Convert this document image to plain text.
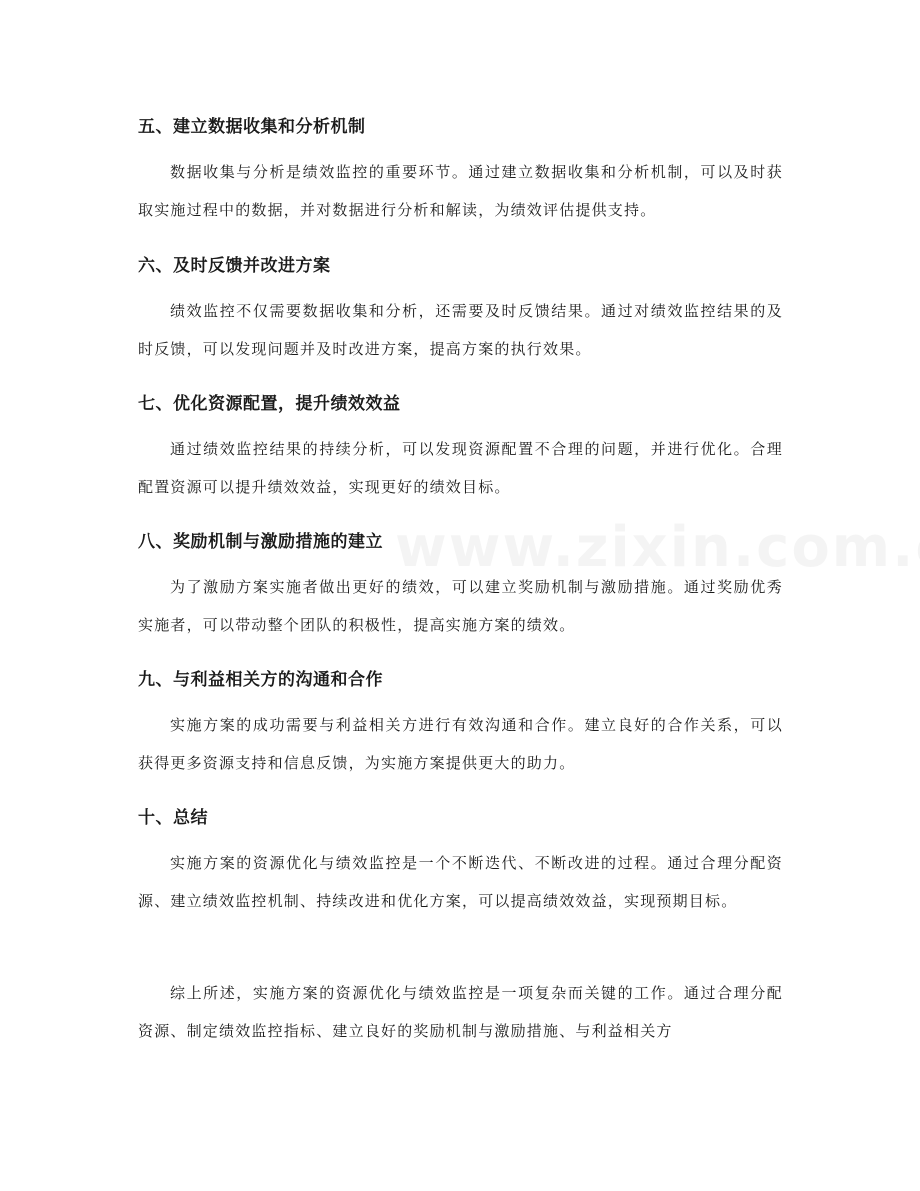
五、建立数据收集和分析机制

数据收集与分析是绩效监控的重要环节。通过建立数据收集和分析机制，可以及时获取实施过程中的数据，并对数据进行分析和解读，为绩效评估提供支持。

六、及时反馈并改进方案

绩效监控不仅需要数据收集和分析，还需要及时反馈结果。通过对绩效监控结果的及时反馈，可以发现问题并及时改进方案，提高方案的执行效果。

七、优化资源配置，提升绩效效益

通过绩效监控结果的持续分析，可以发现资源配置不合理的问题，并进行优化。合理配置资源可以提升绩效效益，实现更好的绩效目标。

八、奖励机制与激励措施的建立

为了激励方案实施者做出更好的绩效，可以建立奖励机制与激励措施。通过奖励优秀实施者，可以带动整个团队的积极性，提高实施方案的绩效。

九、与利益相关方的沟通和合作

实施方案的成功需要与利益相关方进行有效沟通和合作。建立良好的合作关系，可以获得更多资源支持和信息反馈，为实施方案提供更大的助力。

十、总结

实施方案的资源优化与绩效监控是一个不断迭代、不断改进的过程。通过合理分配资源、建立绩效监控机制、持续改进和优化方案，可以提高绩效效益，实现预期目标。

综上所述，实施方案的资源优化与绩效监控是一项复杂而关键的工作。通过合理分配资源、制定绩效监控指标、建立良好的奖励机制与激励措施、与利益相关方
